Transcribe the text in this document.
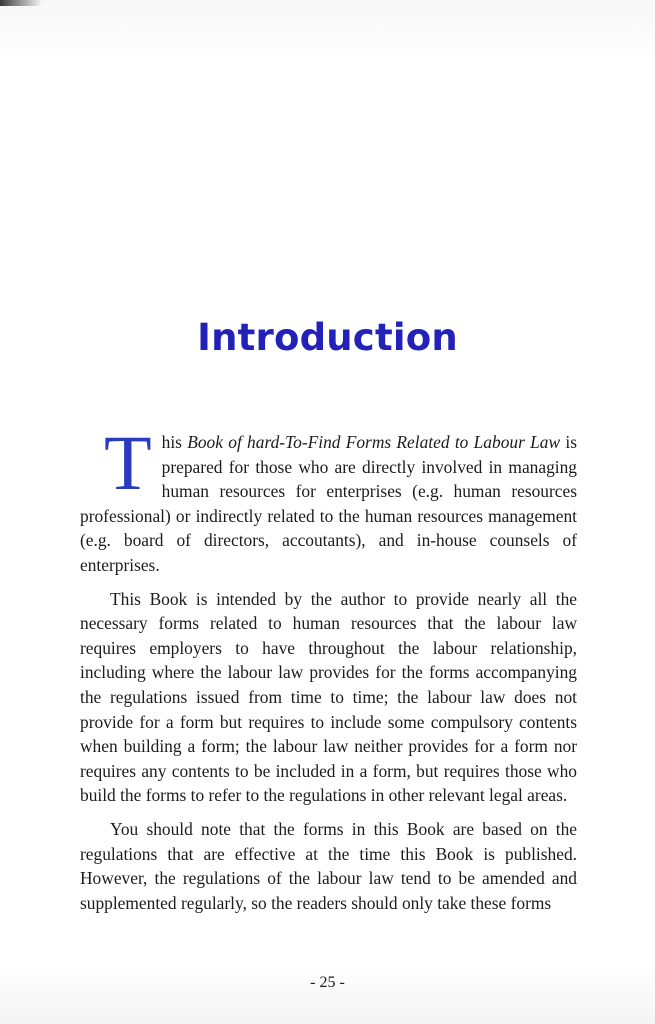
Introduction

This Book of hard-To-Find Forms Related to Labour Law is prepared for those who are directly involved in managing human resources for enterprises (e.g. human resources professional) or indirectly related to the human resources management (e.g. board of directors, accoutants), and in-house counsels of enterprises.

This Book is intended by the author to provide nearly all the necessary forms related to human resources that the labour law requires employers to have throughout the labour relationship, including where the labour law provides for the forms accompanying the regulations issued from time to time; the labour law does not provide for a form but requires to include some compulsory contents when building a form; the labour law neither provides for a form nor requires any contents to be included in a form, but requires those who build the forms to refer to the regulations in other relevant legal areas.

You should note that the forms in this Book are based on the regulations that are effective at the time this Book is published. However, the regulations of the labour law tend to be amended and supplemented regularly, so the readers should only take these forms

- 25 -
